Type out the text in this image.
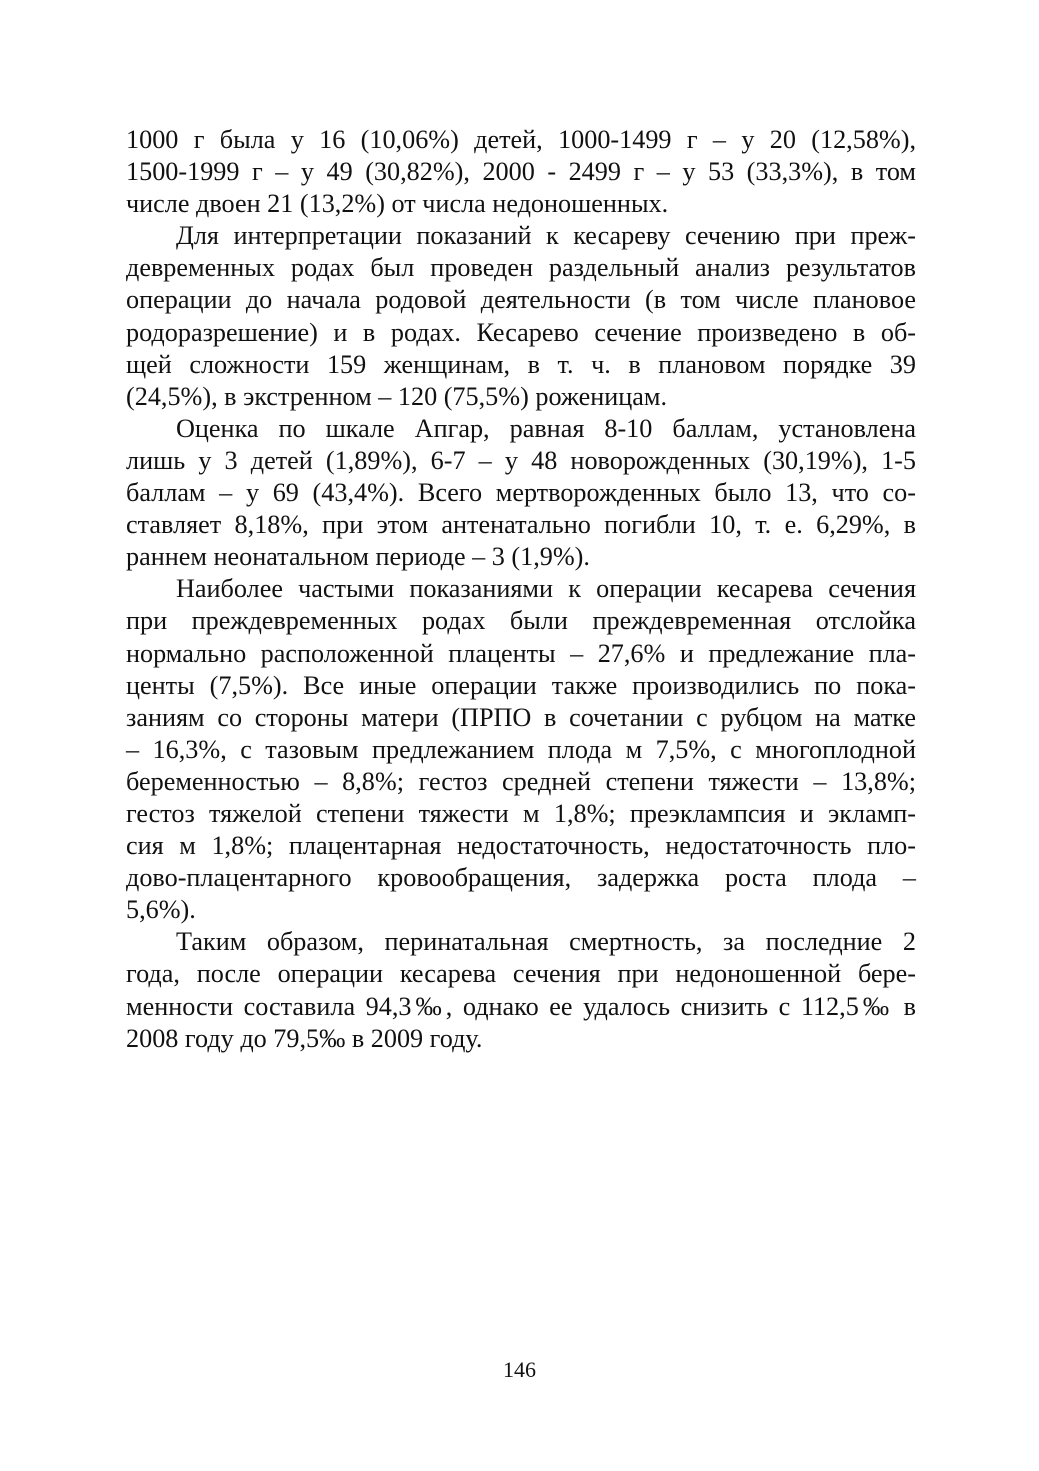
1000 г была у 16 (10,06%) детей, 1000-1499 г – у 20 (12,58%),
1500-1999 г – у 49 (30,82%), 2000 - 2499 г – у 53 (33,3%), в том
числе двоен 21 (13,2%) от числа недоношенных.
Для интерпретации показаний к кесареву сечению при преж-
девременных родах был проведен раздельный анализ результатов
операции до начала родовой деятельности (в том числе плановое
родоразрешение) и в родах. Кесарево сечение произведено в об-
щей сложности 159 женщинам, в т. ч. в плановом порядке 39
(24,5%), в экстренном – 120 (75,5%) роженицам.
Оценка по шкале Апгар, равная 8-10 баллам, установлена
лишь у 3 детей (1,89%), 6-7 – у 48 новорожденных (30,19%), 1-5
баллам – у 69 (43,4%). Всего мертворожденных было 13, что со-
ставляет 8,18%, при этом антенатально погибли 10, т. е. 6,29%, в
раннем неонатальном периоде – 3 (1,9%).
Наиболее частыми показаниями к операции кесарева сечения
при преждевременных родах были преждевременная отслойка
нормально расположенной плаценты – 27,6% и предлежание пла-
центы (7,5%). Все иные операции также производились по пока-
заниям со стороны матери (ПРПО в сочетании с рубцом на матке
– 16,3%, с тазовым предлежанием плода м 7,5%, с многоплодной
беременностью – 8,8%; гестоз средней степени тяжести – 13,8%;
гестоз тяжелой степени тяжести м 1,8%; преэклампсия и экламп-
сия м 1,8%; плацентарная недостаточность, недостаточность пло-
дово-плацентарного кровообращения, задержка роста плода –
5,6%).
Таким образом, перинатальная смертность, за последние 2
года, после операции кесарева сечения при недоношенной бере-
менности составила 94,3‰, однако ее удалось снизить с 112,5‰ в
2008 году до 79,5‰ в 2009 году.
146
